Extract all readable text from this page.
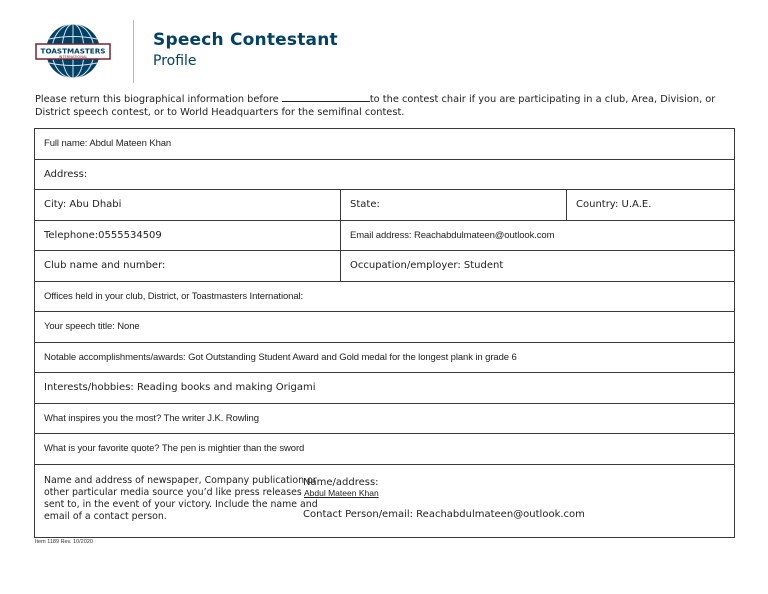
TOASTMASTERS
INTERNATIONAL
Speech Contestant
Profile
Please return this biographical information before	to the contest chair if you are participating in a club, Area, Division, or District speech contest, or to World Headquarters for the semifinal contest.
Full name: Abdul Mateen Khan		
Address:		
City: Abu Dhabi	State:	Country: U.A.E.
Telephone:0555534509	Email address: Reachabdulmateen@outlook.com	
Club name and number:	Occupation/employer: Student	
Offices held in your club, District, or Toastmasters International:		
Your speech title: None		
Notable accomplishments/awards: Got Outstanding Student Award and Gold medal for the longest plank in grade 6		
Interests/hobbies: Reading books and making Origami		
What inspires you the most? The writer J.K. Rowling		
What is your favorite quote? The pen is mightier than the sword		

Name and address of newspaper, Company publication or other particular media source you’d like press releases sent to, in the event of your victory. Include the name and email of a contact person.
Name/address:
Abdul Mateen Khan
Contact Person/email: Reachabdulmateen@outlook.com		
Item 1189 Rev. 10/2020
